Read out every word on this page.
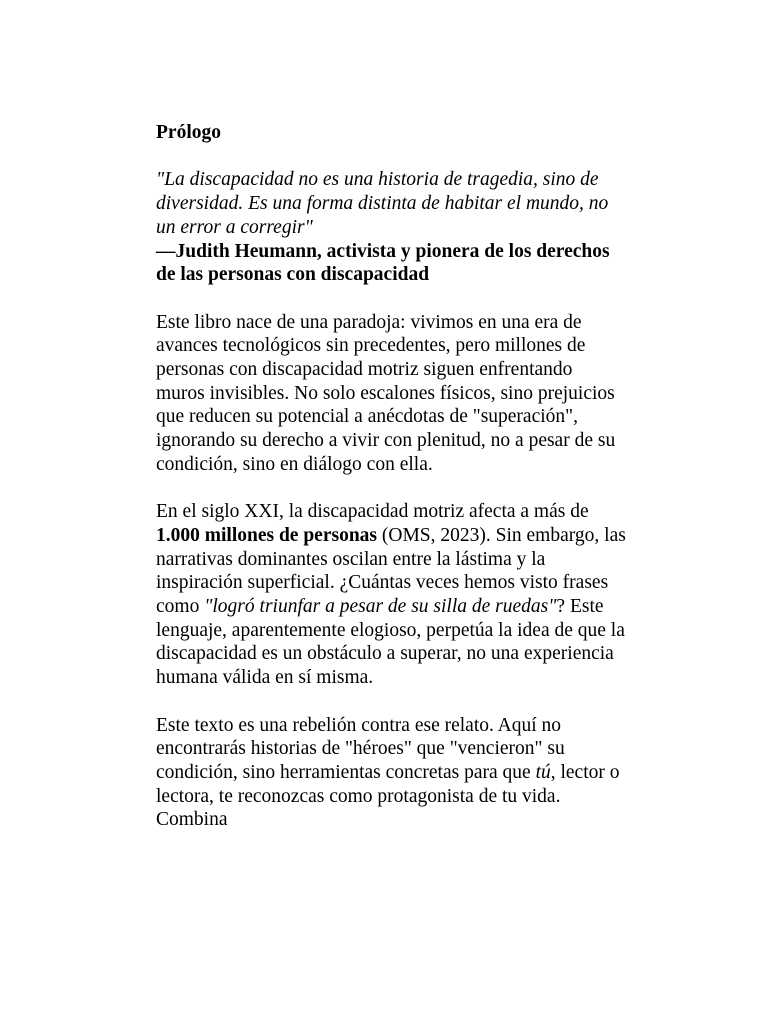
Prólogo
"La discapacidad no es una historia de tragedia, sino de diversidad. Es una forma distinta de habitar el mundo, no un error a corregir"
—Judith Heumann, activista y pionera de los derechos de las personas con discapacidad

Este libro nace de una paradoja: vivimos en una era de avances tecnológicos sin precedentes, pero millones de personas con discapacidad motriz siguen enfrentando muros invisibles. No solo escalones físicos, sino prejuicios que reducen su potencial a anécdotas de "superación", ignorando su derecho a vivir con plenitud, no a pesar de su condición, sino en diálogo con ella.

En el siglo XXI, la discapacidad motriz afecta a más de 1.000 millones de personas (OMS, 2023). Sin embargo, las narrativas dominantes oscilan entre la lástima y la inspiración superficial. ¿Cuántas veces hemos visto frases como "logró triunfar a pesar de su silla de ruedas"? Este lenguaje, aparentemente elogioso, perpetúa la idea de que la discapacidad es un obstáculo a superar, no una experiencia humana válida en sí misma.

Este texto es una rebelión contra ese relato. Aquí no encontrarás historias de "héroes" que "vencieron" su condición, sino herramientas concretas para que tú, lector o lectora, te reconozcas como protagonista de tu vida. Combina
